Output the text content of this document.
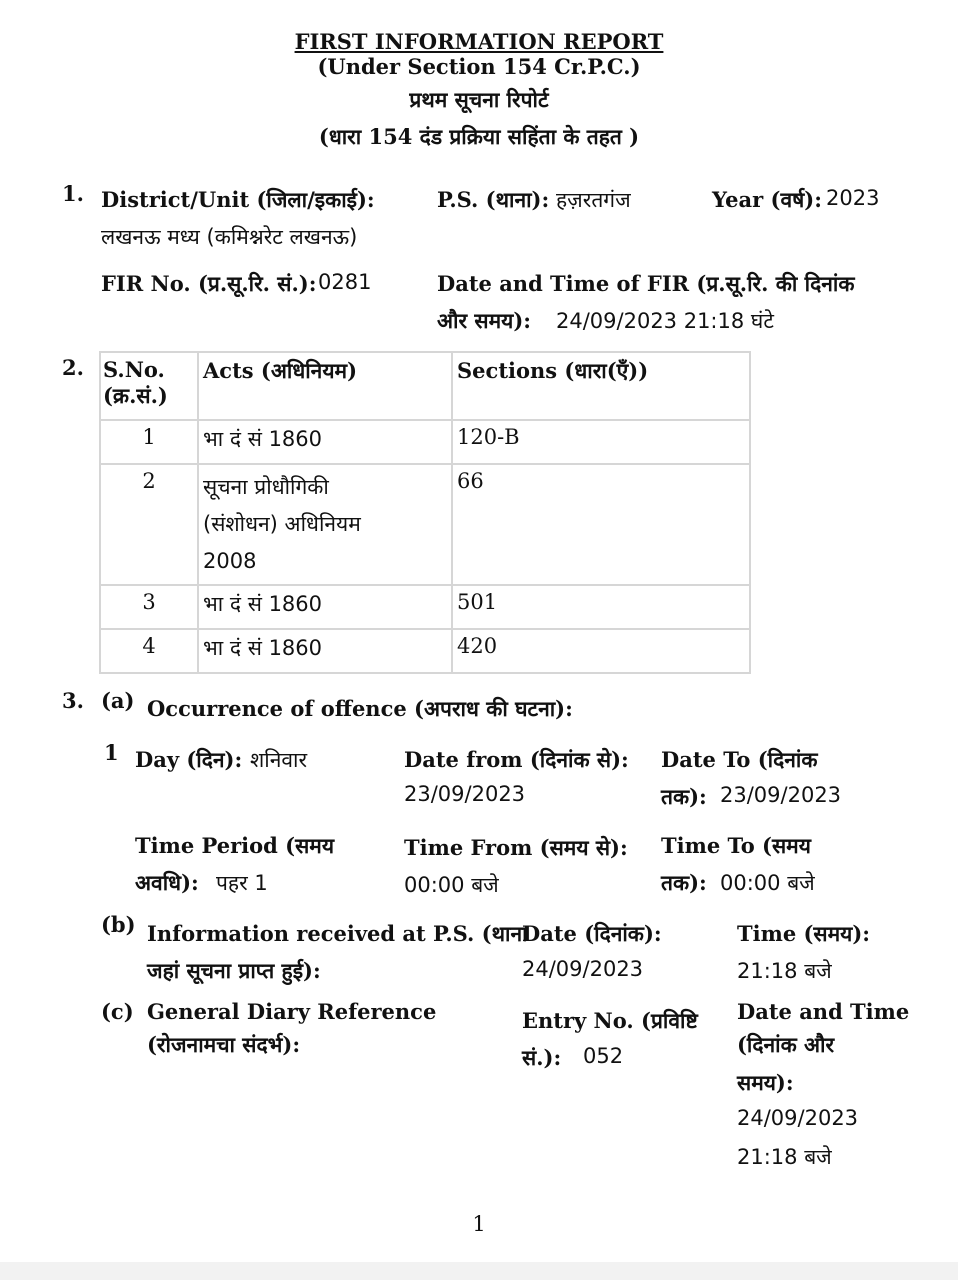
FIRST INFORMATION REPORT
(Under Section 154 Cr.P.C.)
प्रथम सूचना रिपोर्ट
(धारा 154 दंड प्रक्रिया सहिंता के तहत )
1. District/Unit (जिला/इकाई):
लखनऊ मध्य (कमिश्नरेट लखनऊ)
P.S. (थाना): हज़रतगंज	Year (वर्ष): 2023
FIR No. (प्र.सू.रि. सं.): 0281	Date and Time of FIR (प्र.सू.रि. की दिनांक
और समय): 24/09/2023 21:18 घंटे
2. S.No.
(क्र.सं.)	Acts (अधिनियम)	Sections (धारा(एँ))
1	भा दं सं 1860	120-B
2	सूचना प्रोधौगिकी
(संशोधन) अधिनियम
2008	66
3	भा दं सं 1860	501
4	भा दं सं 1860	420
3. (a) Occurrence of offence (अपराध की घटना):
1 Day (दिन): शनिवार	Date from (दिनांक से):
23/09/2023
Date To (दिनांक
तक): 23/09/2023
Time Period (समय
अवधि): पहर 1
Time From (समय से):
00:00 बजे
Time To (समय
तक): 00:00 बजे
(b) Information received at P.S. (थाना
जहां सूचना प्राप्त हुई):
Date (दिनांक):
24/09/2023
Time (समय):
21:18 बजे
(c) General Diary Reference
(रोजनामचा संदर्भ):
Entry No. (प्रविष्टि
सं.): 052
Date and Time
(दिनांक और
समय):
24/09/2023
21:18 बजे
1
